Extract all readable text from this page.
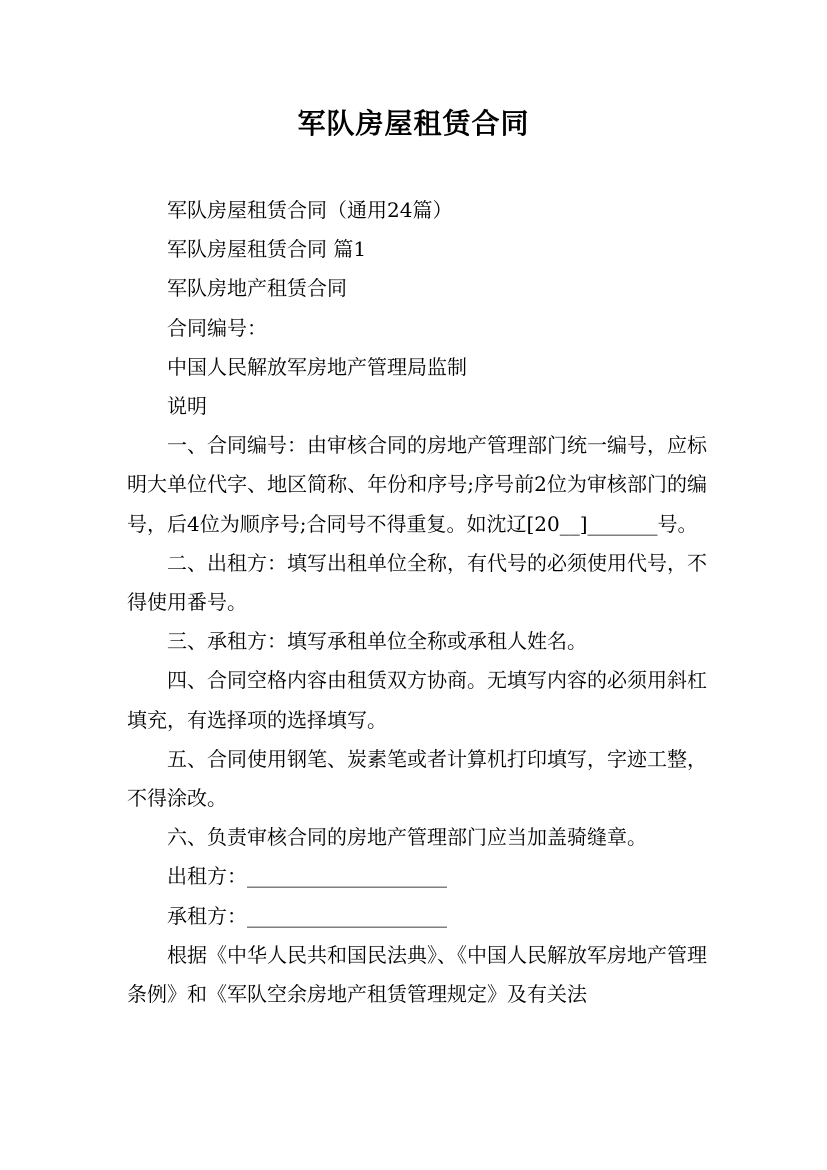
军队房屋租赁合同

军队房屋租赁合同（通用24篇）

军队房屋租赁合同 篇1

军队房地产租赁合同

合同编号：

中国人民解放军房地产管理局监制

说明

一、合同编号：由审核合同的房地产管理部门统一编号，应标明大单位代字、地区简称、年份和序号;序号前2位为审核部门的编号，后4位为顺序号;合同号不得重复。如沈辽[20__]_______号。

二、出租方：填写出租单位全称，有代号的必须使用代号，不得使用番号。

三、承租方：填写承租单位全称或承租人姓名。

四、合同空格内容由租赁双方协商。无填写内容的必须用斜杠填充，有选择项的选择填写。

五、合同使用钢笔、炭素笔或者计算机打印填写，字迹工整，不得涂改。

六、负责审核合同的房地产管理部门应当加盖骑缝章。

出租方：____________________

承租方：____________________

根据《中华人民共和国民法典》、《中国人民解放军房地产管理条例》和《军队空余房地产租赁管理规定》及有关法
